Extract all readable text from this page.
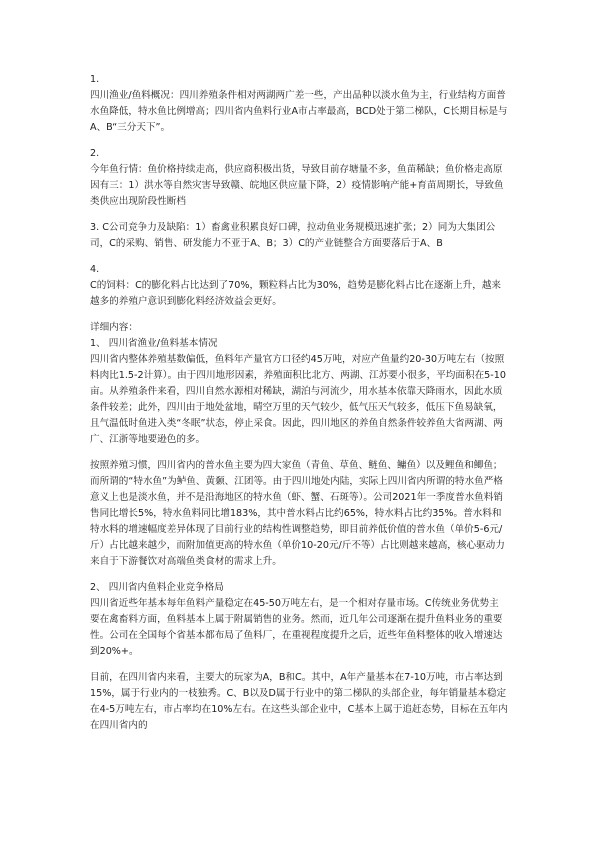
1.

四川渔业/鱼料概况：四川养殖条件相对两湖两广差一些，产出品种以淡水鱼为主，行业结构方面普水鱼降低，特水鱼比例增高；四川省内鱼料行业A市占率最高，BCD处于第二梯队，C长期目标是与A、B“三分天下”。

2.

今年鱼行情：鱼价格持续走高，供应商积极出货，导致目前存塘量不多，鱼苗稀缺；鱼价格走高原因有三：1）洪水等自然灾害导致赣、皖地区供应量下降，2）疫情影响产能+育苗周期长，导致鱼类供应出现阶段性断档

3. C公司竞争力及缺陷：1）畜禽业积累良好口碑，拉动鱼业务规模迅速扩张；2）同为大集团公司，C的采购、销售、研发能力不亚于A、B；3）C的产业链整合方面要落后于A、B

4.

C的饲料：C的膨化料占比达到了70%，颗粒料占比为30%，趋势是膨化料占比在逐渐上升，越来越多的养殖户意识到膨化料经济效益会更好。

详细内容：

1、 四川省渔业/鱼料基本情况

四川省内整体养殖基数偏低，鱼料年产量官方口径约45万吨，对应产鱼量约20-30万吨左右（按照料肉比1.5-2计算）。由于四川地形因素，养殖面积比北方、两湖、江苏要小很多，平均面积在5-10亩。从养殖条件来看，四川自然水源相对稀缺，湖泊与河流少，用水基本依靠天降雨水，因此水质条件较差；此外，四川由于地处盆地，晴空万里的天气较少，低气压天气较多，低压下鱼易缺氧，且气温低时鱼进入类“冬眠”状态，停止采食。因此，四川地区的养鱼自然条件较养鱼大省两湖、两广、江浙等地要逊色的多。

按照养殖习惯，四川省内的普水鱼主要为四大家鱼（青鱼、草鱼、鲢鱼、鳙鱼）以及鲤鱼和鲫鱼；而所谓的“特水鱼”为鲈鱼、黄颡、江团等。由于四川地处内陆，实际上四川省内所谓的特水鱼严格意义上也是淡水鱼，并不是沿海地区的特水鱼（虾、蟹、石斑等）。公司2021年一季度普水鱼料销售同比增长5%，特水鱼料同比增183%，其中普水料占比约65%，特水料占比约35%。普水料和特水料的增速幅度差异体现了目前行业的结构性调整趋势，即目前养低价值的普水鱼（单价5-6元/斤）占比越来越少，而附加值更高的特水鱼（单价10-20元/斤不等）占比则越来越高，核心驱动力来自于下游餐饮对高端鱼类食材的需求上升。

2、 四川省内鱼料企业竞争格局

四川省近些年基本每年鱼料产量稳定在45-50万吨左右，是一个相对存量市场。C传统业务优势主要在禽畜料方面，鱼料基本上属于附属销售的业务。然而，近几年公司逐渐在提升鱼料业务的重要性。公司在全国每个省基本都布局了鱼料厂，在重视程度提升之后，近些年鱼料整体的收入增速达到20%+。

目前，在四川省内来看，主要大的玩家为A，B和C。其中，A年产量基本在7-10万吨，市占率达到15%，属于行业内的一枝独秀。C、B以及D属于行业中的第二梯队的头部企业，每年销量基本稳定在4-5万吨左右，市占率均在10%左右。在这些头部企业中，C基本上属于追赶态势，目标在五年内在四川省内的
